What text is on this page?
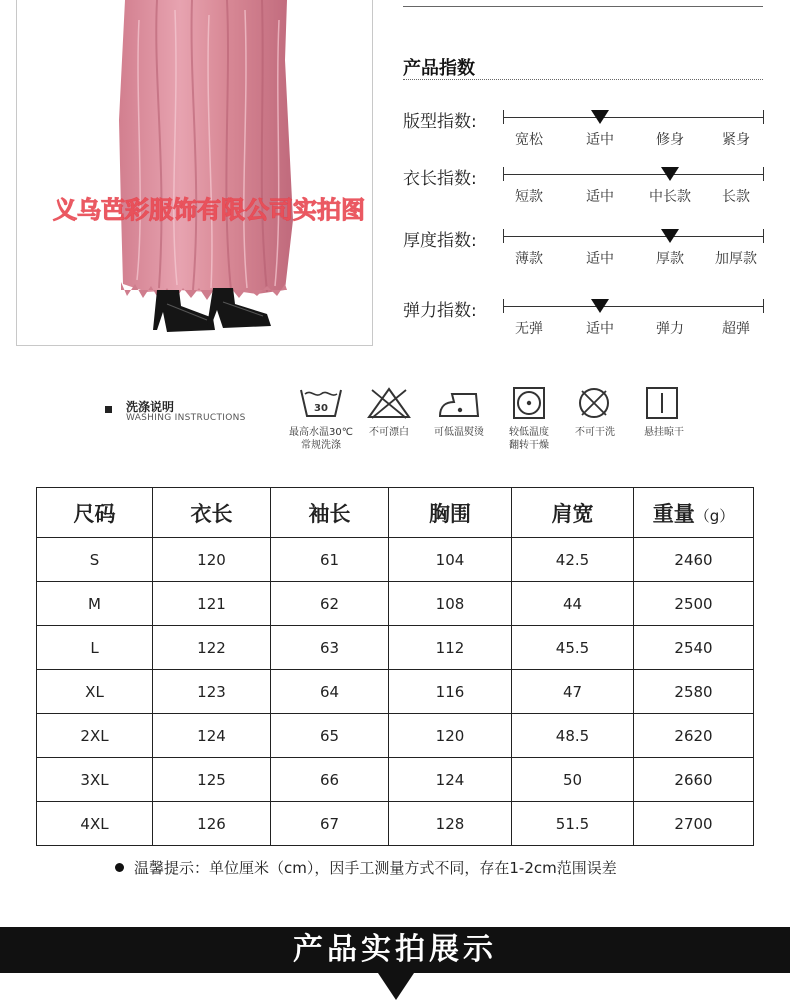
义乌芭彩服饰有限公司实拍图
产品指数
版型指数:
宽松	适中	修身	紧身
衣长指数:
短款	适中	中长款 长款
厚度指数:
薄款	适中	厚款 加厚款
弹力指数:
无弹	适中	弹力	超弹
洗涤说明
WASHING INSTRUCTIONS
30
最高水温30℃
常规洗涤
不可漂白	可低温熨烫	较低温度
翻转干燥
不可干洗	悬挂晾干
尺码	衣长	袖长	胸围	肩宽	重量（g）
S	120	61	104	42.5	2460
M	121	62	108	44	2500
L	122	63	112	45.5	2540
XL	123	64	116	47	2580
2XL	124	65	120	48.5	2620
3XL	125	66	124	50	2660
4XL	126	67	128	51.5	2700
温馨提示：单位厘米（cm），因手工测量方式不同，存在1-2cm范围误差
产品实拍展示
